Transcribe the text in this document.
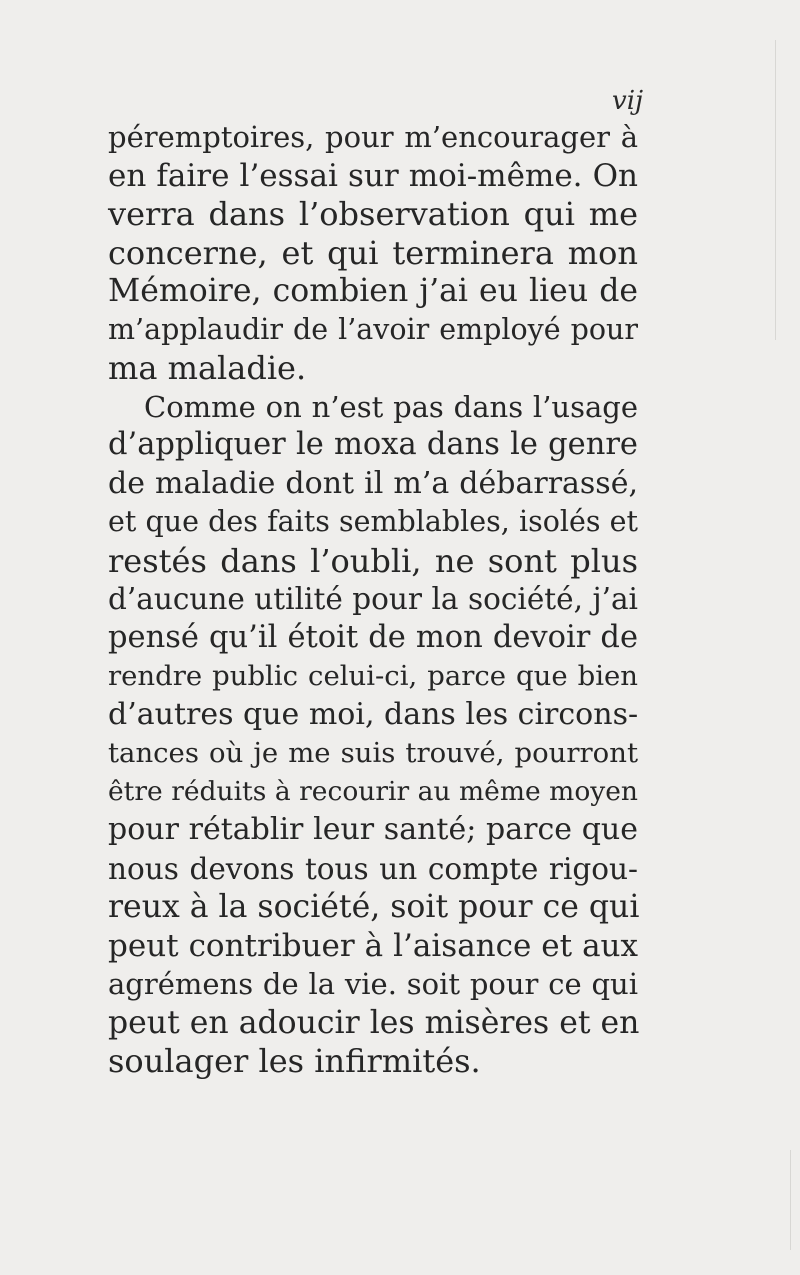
vij
péremptoires, pour m’encourager à
en faire l’essai sur moi-même. On
verra dans l’observation qui me
concerne, et qui terminera mon
Mémoire, combien j’ai eu lieu de
m’applaudir de l’avoir employé pour
ma maladie.
Comme on n’est pas dans l’usage
d’appliquer le moxa dans le genre
de maladie dont il m’a débarrassé,
et que des faits semblables, isolés et
restés dans l’oubli, ne sont plus
d’aucune utilité pour la société, j’ai
pensé qu’il étoit de mon devoir de
rendre public celui-ci, parce que bien
d’autres que moi, dans les circons-
tances où je me suis trouvé, pourront
être réduits à recourir au même moyen
pour rétablir leur santé; parce que
nous devons tous un compte rigou-
reux à la société, soit pour ce qui
peut contribuer à l’aisance et aux
agrémens de la vie. soit pour ce qui
peut en adoucir les misères et en
soulager les infirmités.
